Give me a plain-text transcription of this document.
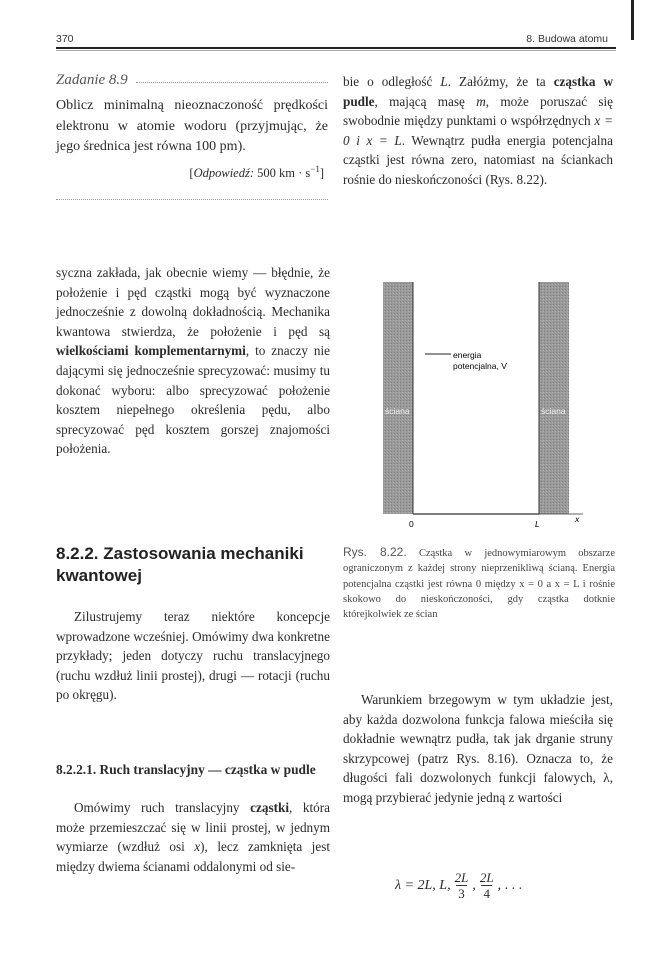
370	8. Budowa atomu
Zadanie 8.9

Oblicz minimalną nieoznaczoność prędkości elektronu w atomie wodoru (przyjmując, że jego średnica jest równa 100 pm).

[Odpowiedź: 500 km · $s^{-1}$]

syczna zakłada, jak obecnie wiemy — błędnie, że położenie i pęd cząstki mogą być wyznaczone jednocześnie z dowolną dokładnością. Mechanika kwantowa stwierdza, że położenie i pęd są wielkościami komplementarnymi, to znaczy nie dającymi się jednocześnie sprecyzować: musimy tu dokonać wyboru: albo sprecyzować położenie kosztem niepełnego określenia pędu, albo sprecyzować pęd kosztem gorszej znajomości położenia.

8.2.2. Zastosowania mechaniki kwantowej

Zilustrujemy teraz niektóre koncepcje wprowadzone wcześniej. Omówimy dwa konkretne przykłady; jeden dotyczy ruchu translacyjnego (ruchu wzdłuż linii prostej), drugi — rotacji (ruchu po okręgu).

8.2.2.1. Ruch translacyjny — cząstka w pudle

Omówimy ruch translacyjny cząstki, która może przemieszczać się w linii prostej, w jednym wymiarze (wzdłuż osi x), lecz zamknięta jest między dwiema ścianami oddalonymi od sie-

bie o odległość L. Załóżmy, że ta cząstka w pudle, mającą masę m, może poruszać się swobodnie między punktami o współrzędnych x = 0 i x = L. Wewnątrz pudła energia potencjalna cząstki jest równa zero, natomiast na ściankach rośnie do nieskończoności (Rys. 8.22).

energia
potencjalna, V
ściana	ściana
0	L	x
Rys. 8.22. Cząstka w jednowymiarowym obszarze ograniczonym z każdej strony nieprzenikliwą ścianą. Energia potencjalna cząstki jest równa 0 między x = 0 a x = L i rośnie skokowo do nieskończoności, gdy cząstka dotknie którejkolwiek ze ścian

Warunkiem brzegowym w tym układzie jest, aby każda dozwolona funkcja falowa mieściła się dokładnie wewnątrz pudła, tak jak drganie struny skrzypcowej (patrz Rys. 8.16). Oznacza to, że długości fali dozwolonych funkcji falowych, λ, mogą przybierać jedynie jedną z wartości

λ = 2L, L, $\frac{2L}{3}$ , $\frac{2L}{4}$ , . . .
